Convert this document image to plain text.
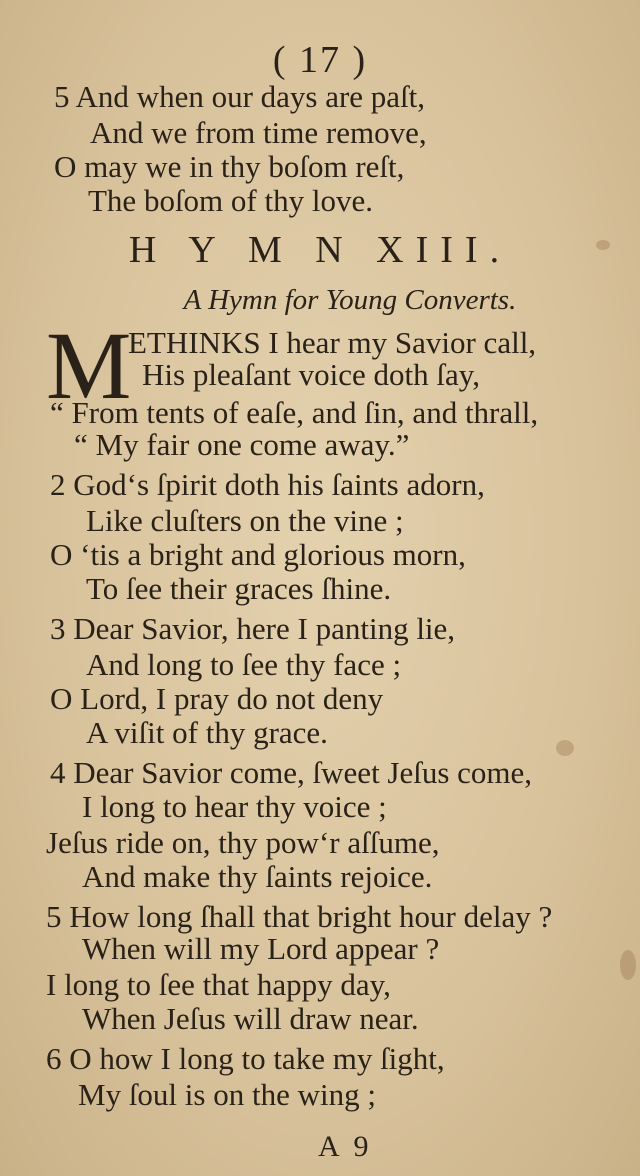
( 17 )
5 And when our days are paſt,
And we from time remove,
O may we in thy boſom reſt,
The boſom of thy love.
H Y M N XIII.
A Hymn for Young Converts.
M
ETHINKS I hear my Savior call,
His pleaſant voice doth ſay,
“ From tents of eaſe, and ſin, and thrall,
“ My fair one come away.”
2 God‘s ſpirit doth his ſaints adorn,
Like cluſters on the vine ;
O ‘tis a bright and glorious morn,
To ſee their graces ſhine.
3 Dear Savior, here I panting lie,
And long to ſee thy face ;
O Lord, I pray do not deny
A viſit of thy grace.
4 Dear Savior come, ſweet Jeſus come,
I long to hear thy voice ;
Jeſus ride on, thy pow‘r aſſume,
And make thy ſaints rejoice.
5 How long ſhall that bright hour delay ?
When will my Lord appear ?
I long to ſee that happy day,
When Jeſus will draw near.
6 O how I long to take my ſight,
My ſoul is on the wing ;
A 9
